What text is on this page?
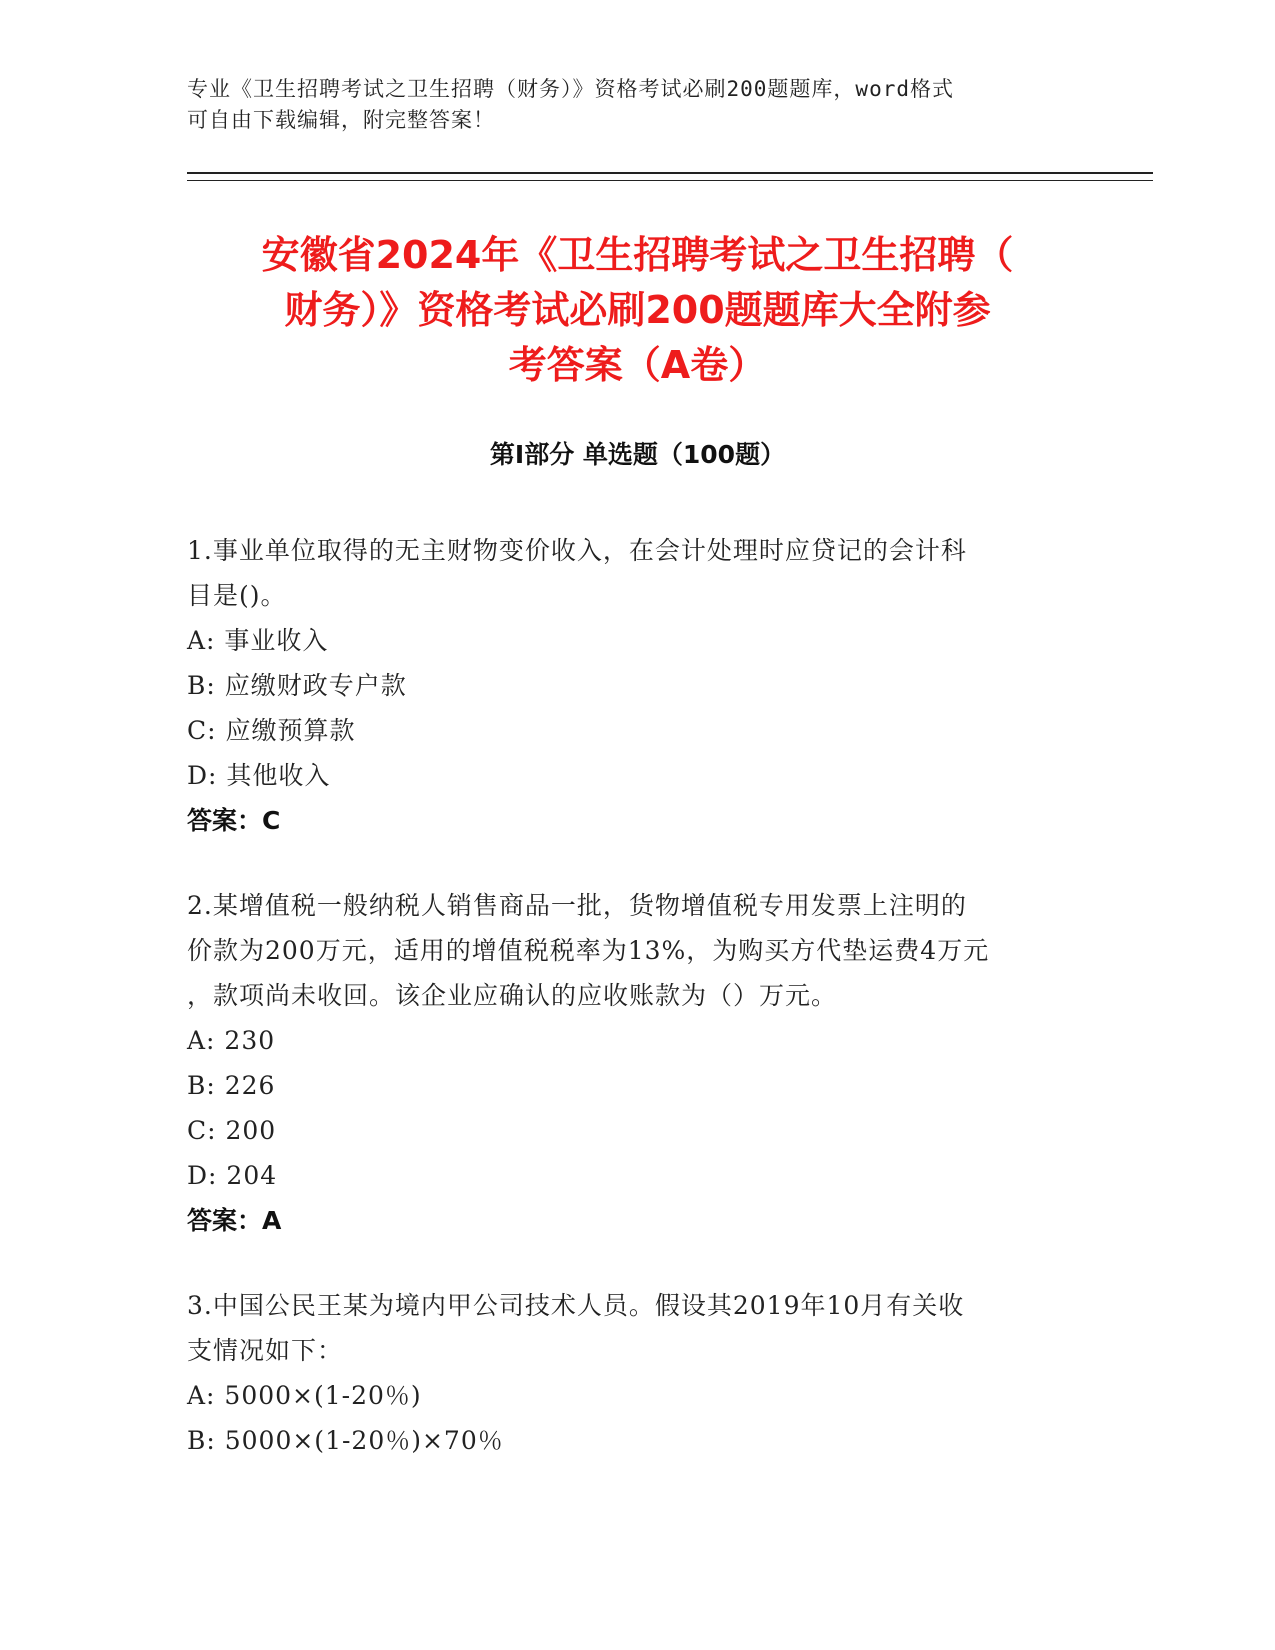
专业《卫生招聘考试之卫生招聘（财务）》资格考试必刷200题题库，word格式
可自由下载编辑，附完整答案！
安徽省2024年《卫生招聘考试之卫生招聘（
财务）》资格考试必刷200题题库大全附参
考答案（A卷）
第Ⅰ部分 单选题（100题）
1.事业单位取得的无主财物变价收入，在会计处理时应贷记的会计科
目是()。
A: 事业收入
B: 应缴财政专户款
C: 应缴预算款
D: 其他收入
答案：C
2.某增值税一般纳税人销售商品一批，货物增值税专用发票上注明的
价款为200万元，适用的增值税税率为13%，为购买方代垫运费4万元
，款项尚未收回。该企业应确认的应收账款为（）万元。
A: 230
B: 226
C: 200
D: 204
答案：A
3.中国公民王某为境内甲公司技术人员。假设其2019年10月有关收
支情况如下：
A: 5000×(1-20％)
B: 5000×(1-20％)×70％
